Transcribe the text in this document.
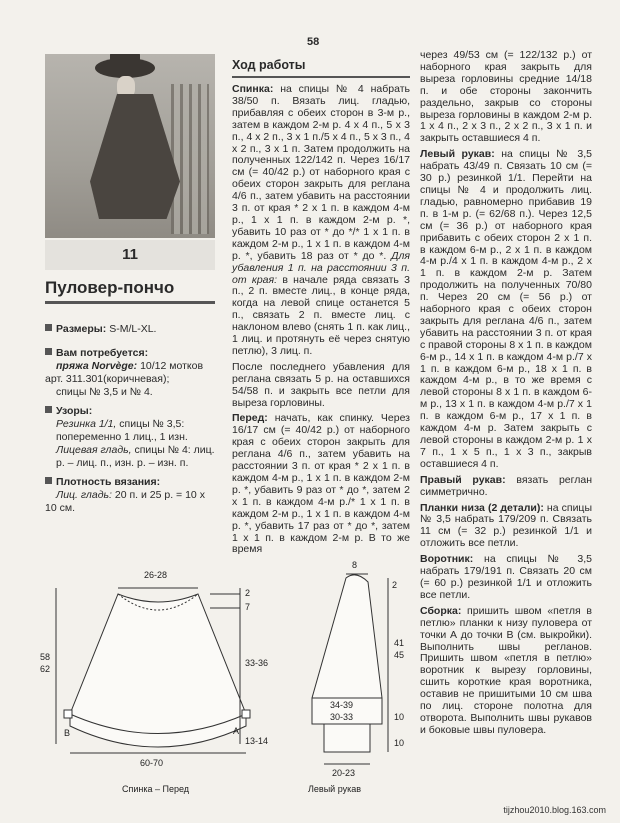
58
11
Пуловер-пончо
Размеры: S-M/L-XL.
Вам потребуется:
пряжа Norvège: 10/12 мотков арт. 311.301(коричневая);
спицы № 3,5 и № 4.
Узоры:

Резинка 1/1, спицы № 3,5: попеременно 1 лиц., 1 изн.
Лицевая гладь, спицы № 4: лиц. р. – лиц. п., изн. р. – изн. п.
Плотность вязания:
Лиц. гладь: 20 п. и 25 р. = 10 х 10 см.
Ход работы

Спинка: на спицы № 4 набрать 38/50 п. Вязать лиц. гладью, прибавляя с обеих сторон в 3-м р., затем в каждом 2-м р. 4 х 4 п., 5 х 3 п., 4 х 2 п., 3 х 1 п./5 х 4 п., 5 х 3 п., 4 х 2 п., 3 х 1 п. Затем продолжить на полученных 122/142 п. Через 16/17 см (= 40/42 р.) от наборного края с обеих сторон закрыть для реглана 4/6 п., затем убавить на расстоянии 3 п. от края * 2 х 1 п. в каждом 4-м р., 1 х 1 п. в каждом 2-м р. *, убавить 10 раз от * до */* 1 х 1 п. в каждом 2-м р., 1 х 1 п. в каждом 4-м р. *, убавить 18 раз от * до *. Для убавления 1 п. на расстоянии 3 п. от края: в начале ряда связать 3 п., 2 п. вместе лиц., в конце ряда, когда на левой спице останется 5 п., связать 2 п. вместе лиц. с наклоном влево (снять 1 п. как лиц., 1 лиц. и протянуть её через снятую петлю), 3 лиц. п.

После последнего убавления для реглана связать 5 р. на оставшихся 54/58 п. и закрыть все петли для выреза горловины.

Перед: начать, как спинку. Через 16/17 см (= 40/42 р.) от наборного края с обеих сторон закрыть для реглана 4/6 п., затем убавить на расстоянии 3 п. от края * 2 х 1 п. в каждом 4-м р., 1 х 1 п. в каждом 2-м р. *, убавить 9 раз от * до *, затем 2 х 1 п. в каждом 4-м р./* 1 х 1 п. в каждом 2-м р., 1 х 1 п. в каждом 4-м р. *, убавить 17 раз от * до *, затем 1 х 1 п. в каждом 2-м р. В то же время

через 49/53 см (= 122/132 р.) от наборного края закрыть для выреза горловины средние 14/18 п. и обе стороны закончить раздельно, закрыв со стороны выреза горловины в каждом 2-м р. 1 х 4 п., 2 х 3 п., 2 х 2 п., 3 х 1 п. и закрыть оставшиеся 4 п.

Левый рукав: на спицы № 3,5 набрать 43/49 п. Связать 10 см (= 30 р.) резинкой 1/1. Перейти на спицы № 4 и продолжить лиц. гладью, равномерно прибавив 19 п. в 1-м р. (= 62/68 п.). Через 12,5 см (= 36 р.) от наборного края прибавить с обеих сторон 2 х 1 п. в каждом 6-м р., 2 х 1 п. в каждом 4-м р./4 х 1 п. в каждом 4-м р., 2 х 1 п. в каждом 2-м р. Затем продолжить на полученных 70/80 п. Через 20 см (= 56 р.) от наборного края с обеих сторон закрыть для реглана 4/6 п., затем убавить на расстоянии 3 п. от края с правой стороны 8 х 1 п. в каждом 6-м р., 14 х 1 п. в каждом 4-м р./7 х 1 п. в каждом 6-м р., 18 х 1 п. в каждом 4-м р., в то же время с левой стороны 8 х 1 п. в каждом 6-м р., 13 х 1 п. в каждом 4-м р./7 х 1 п. в каждом 6-м р., 17 х 1 п. в каждом 4-м р. Затем закрыть с левой стороны в каждом 2-м р. 1 х 7 п., 1 х 5 п., 1 х 3 п., закрыв оставшиеся 4 п.

Правый рукав: вязать реглан симметрично.

Планки низа (2 детали): на спицы № 3,5 набрать 179/209 п. Связать 11 см (= 32 р.) резинкой 1/1 и отложить все петли.

Воротник: на спицы № 3,5 набрать 179/191 п. Связать 20 см (= 60 р.) резинкой 1/1 и отложить все петли.

Сборка: пришить швом «петля в петлю» планки к низу пуловера от точки А до точки В (см. выкройки). Выполнить швы регланов. Пришить швом «петля в петлю» воротник к вырезу горловины, сшить короткие края воротника, оставив не пришитыми 10 см шва по лиц. стороне полотна для отворота. Выполнить швы рукавов и боковые швы пуловера.

26-28
2
7
58
62
33-36
13-14
B	A
60-70
Спинка – Перед
8
2
41
45
34-39
30-33	10
10
20-23
Левый рукав
tijzhou2010.blog.163.com
